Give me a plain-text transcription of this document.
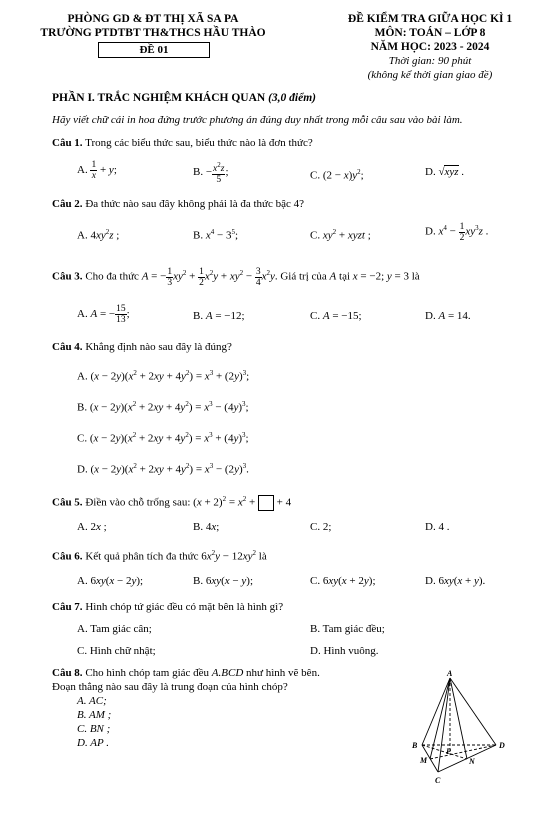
PHÒNG GD & ĐT THỊ XÃ SA PA
TRƯỜNG PTDTBT TH&THCS HẦU THÀO
ĐỀ 01
ĐỀ KIỂM TRA GIỮA HỌC KÌ 1
MÔN: TOÁN – LỚP 8
NĂM HỌC: 2023 - 2024
Thời gian: 90 phút
(không kể thời gian giao đề)
PHẦN I. TRẮC NGHIỆM KHÁCH QUAN (3,0 điểm)
Hãy viết chữ cái in hoa đứng trước phương án đúng duy nhất trong mỗi câu sau vào bài làm.
Câu 1. Trong các biểu thức sau, biểu thức nào là đơn thức?
A. $\frac{1}{x} + y$;	B. − $\frac{x^2z}{5}$ ;	C. $(2 - x)y^2$;	D. √xyz .
Câu 2. Đa thức nào sau đây không phải là đa thức bậc 4?
A. $4xy^2z$ ;	B. $x^4 - 3^5$;	C. $xy^2$ + xyzt ;	D. $x^4 - \frac{1}{2} xy^3z$ .
Câu 3. Cho đa thức A = − $\frac{1}{3} xy^2 + \frac{1}{2} x^2y + xy^2 - \frac{3}{4} x^2y$. Giá trị của A tại x = −2; y = 3 là
A. A = − $\frac{15}{13}$ ;	B. A = −12;	C. A = −15;	D. A = 14.
Câu 4. Khẳng định nào sau đây là đúng?
A. $(x - 2y)(x^2 + 2xy + 4y^2) = x^3 + (2y)^3$;
B. $(x - 2y)(x^2 + 2xy + 4y^2) = x^3 - (4y)^3$;
C. $(x - 2y)(x^2 + 2xy + 4y^2) = x^3 + (4y)^3$;
D. $(x - 2y)(x^2 + 2xy + 4y^2) = x^3 - (2y)^3$.
Câu 5. Điền vào chỗ trống sau: $(x + 2)^2 = x^2$ +  + 4
A. 2x ;	B. 4x;	C. 2;	D. 4 .
Câu 6. Kết quả phân tích đa thức $6x^2y - 12xy^2$ là
A. 6xy(x − 2y);	B. 6xy(x − y);	C. 6xy(x + 2y);	D. 6xy(x + y).
Câu 7. Hình chóp tứ giác đều có mặt bên là hình gì?
A. Tam giác cân;	B. Tam giác đều;
C. Hình chữ nhật;	D. Hình vuông.
Câu 8. Cho hình chóp tam giác đều A.BCD như hình vẽ bên.
Đoạn thẳng nào sau đây là trung đoạn của hình chóp?
A. AC;
B. AM ;
C. BN ;
D. AP .
A
B
C
D
M	N
P
